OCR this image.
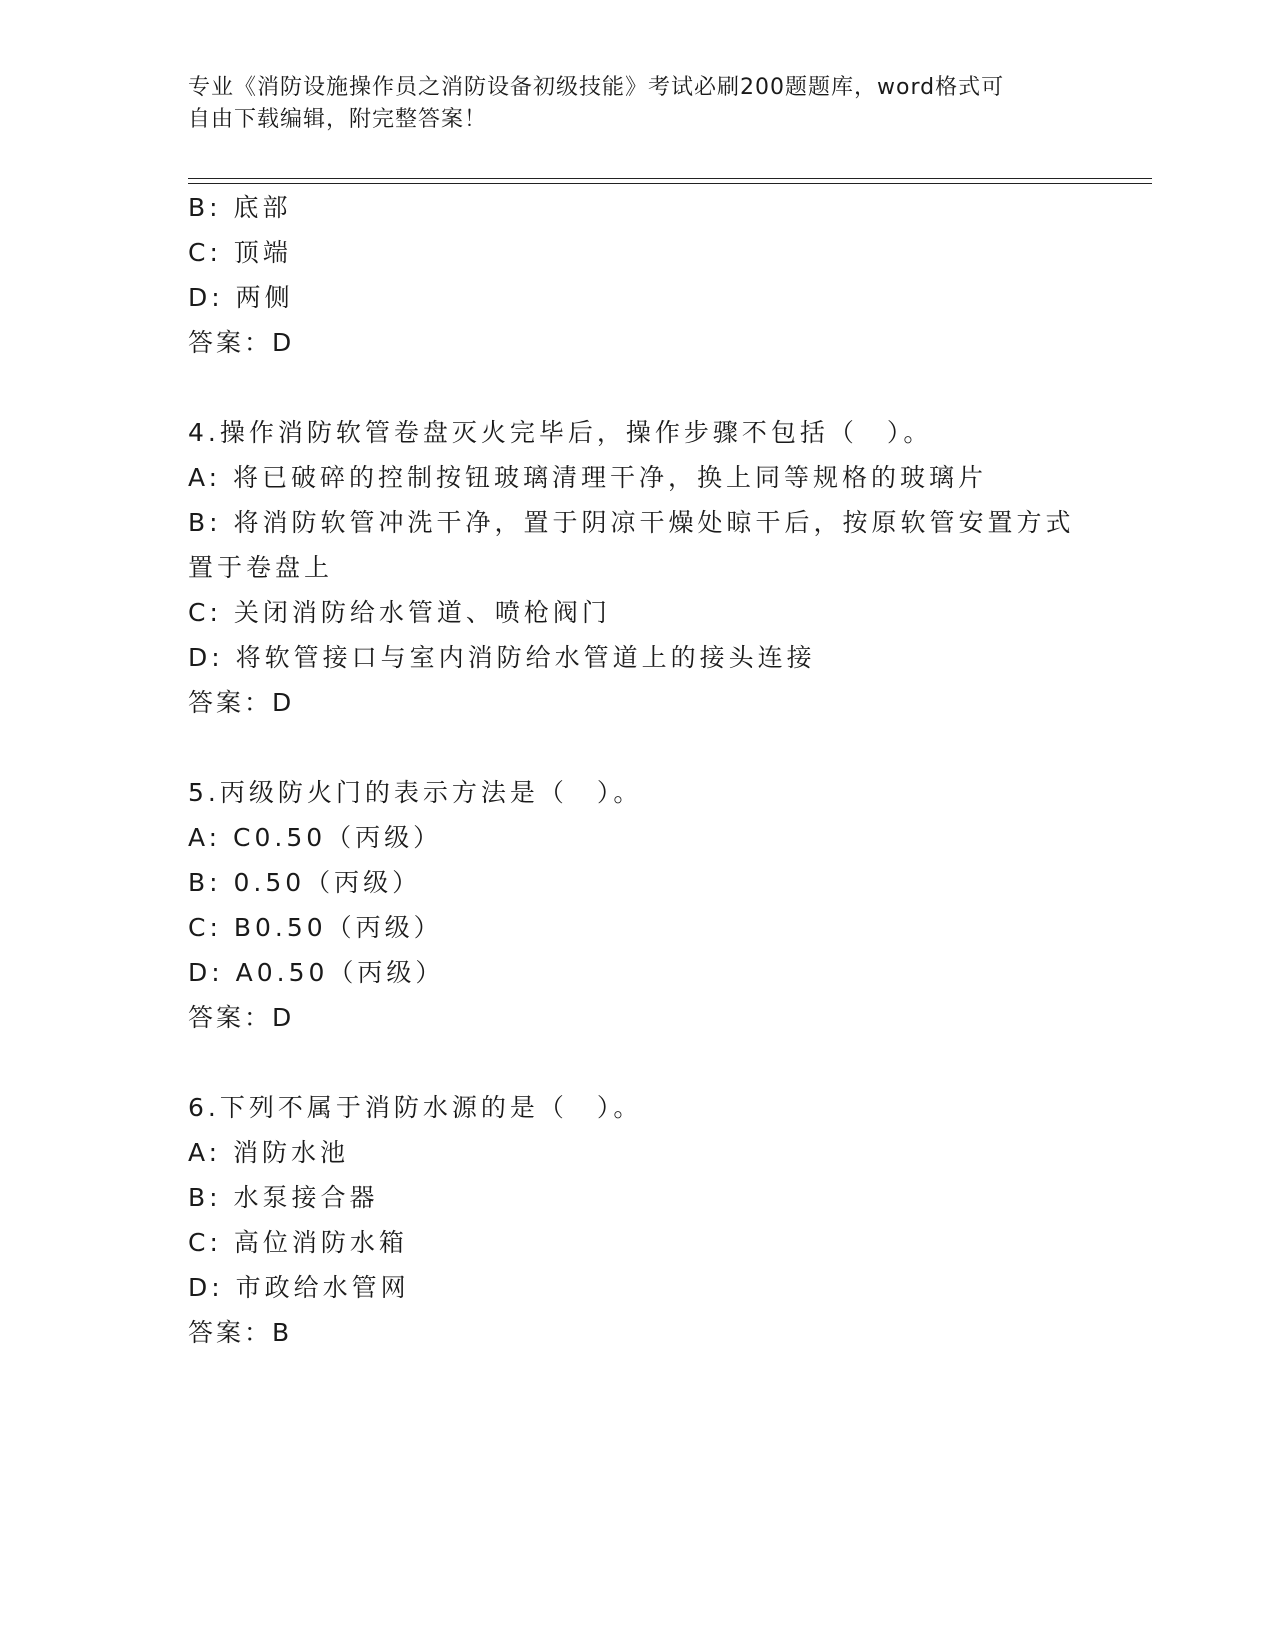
专业《消防设施操作员之消防设备初级技能》考试必刷200题题库，word格式可
自由下载编辑，附完整答案！
B: 底部
C: 顶端
D: 两侧
答案：D
4.操作消防软管卷盘灭火完毕后，操作步骤不包括（　）。
A: 将已破碎的控制按钮玻璃清理干净，换上同等规格的玻璃片
B: 将消防软管冲洗干净，置于阴凉干燥处晾干后，按原软管安置方式
置于卷盘上
C: 关闭消防给水管道、喷枪阀门
D: 将软管接口与室内消防给水管道上的接头连接
答案：D
5.丙级防火门的表示方法是（　）。
A: C0.50（丙级）
B: 0.50（丙级）
C: B0.50（丙级）
D: A0.50（丙级）
答案：D
6.下列不属于消防水源的是（　）。
A: 消防水池
B: 水泵接合器
C: 高位消防水箱
D: 市政给水管网
答案：B
